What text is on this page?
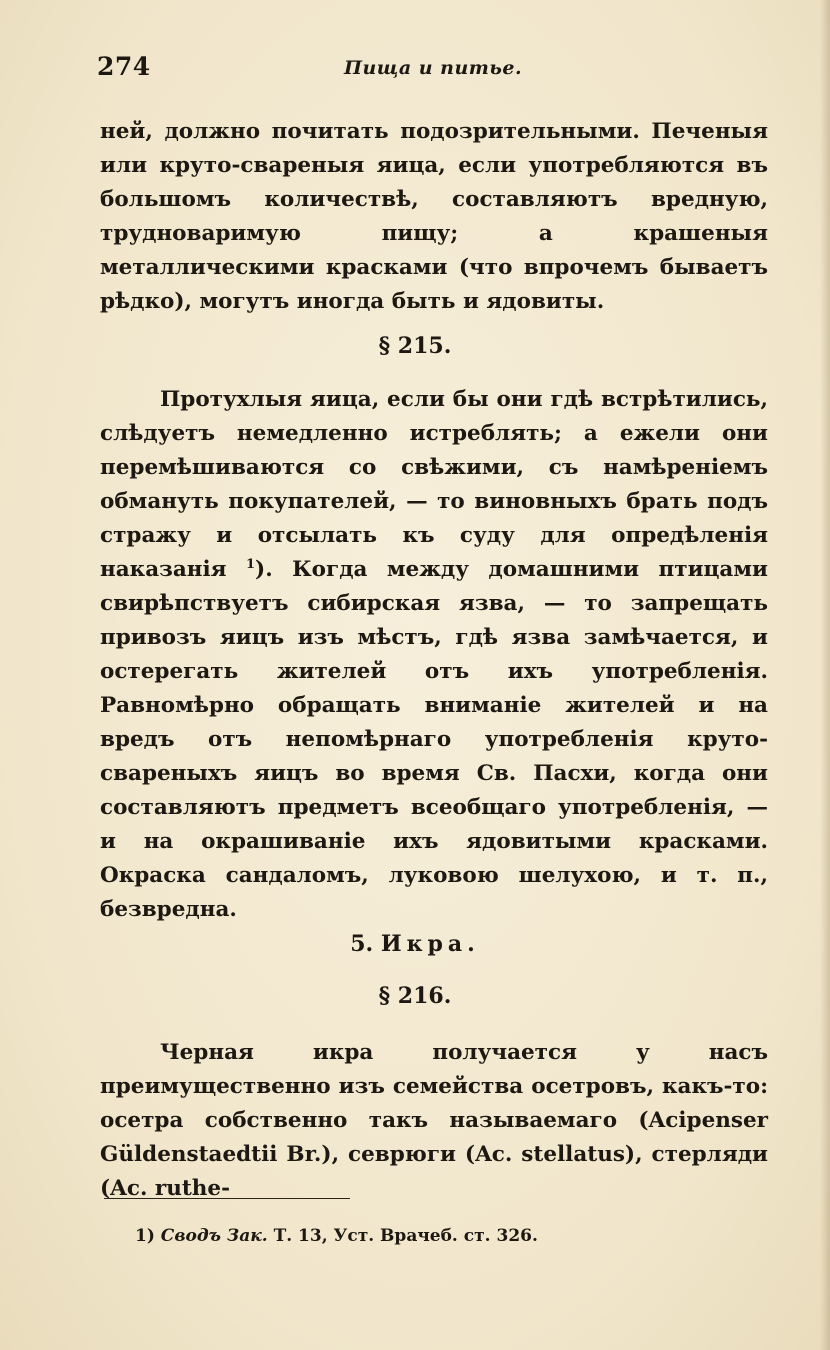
274	Пища и питье.

ней, должно почитать подозрительными. Печеныя или круто-свареныя яица, если употребляются въ большомъ количествѣ, составляютъ вредную, трудноваримую пищу; а крашеныя металлическими красками (что впрочемъ бываетъ рѣдко), могутъ иногда быть и ядовиты.

§ 215.

Протухлыя яица, если бы они гдѣ встрѣтились, слѣдуетъ немедленно истреблять; а ежели они перемѣшиваются со свѣжими, съ намѣреніемъ обмануть покупателей, — то виновныхъ брать подъ стражу и отсылать къ суду для опредѣленія наказанія $^1$). Когда между домашними птицами свирѣпствуетъ сибирская язва, — то запрещать привозъ яицъ изъ мѣстъ, гдѣ язва замѣчается, и остерегать жителей отъ ихъ употребленія. Равномѣрно обращать вниманіе жителей и на вредъ отъ непомѣрнаго употребленія круто-свареныхъ яицъ во время Св. Пасхи, когда они составляютъ предметъ всеобщаго употребленія, — и на окрашиваніе ихъ ядовитыми красками. Окраска сандаломъ, луковою шелухою, и т. п., безвредна.

5. Икра.
§ 216.

Черная икра получается у насъ преимущественно изъ семейства осетровъ, какъ-то: осетра собственно такъ называемаго (Acipenser Güldenstaedtii Br.), севрюги (Ac. stellatus), стерляди (Ac. ruthe-

1) Сводъ Зак. Т. 13, Уст. Врачеб. ст. 326.
